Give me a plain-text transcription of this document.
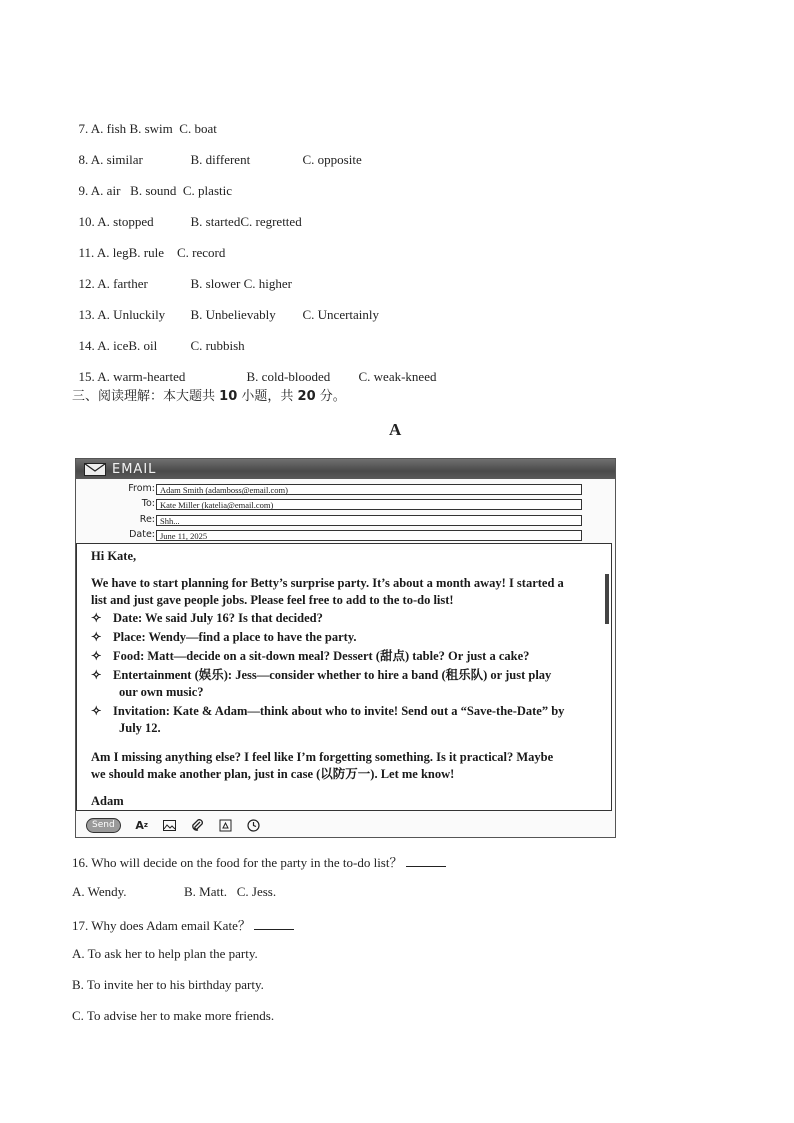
7. A. fish B. swim C. boat

8. A. similar	B. different	C. opposite

9. A. air B. sound C. plastic

10. A. stopped	B. startedC. regretted

11. A. legB. rule C. record

12. A. farther	B. slower C. higher

13. A. Unluckily B. Unbelievably C. Uncertainly

14. A. iceB. oil	C. rubbish

15. A. warm-hearted	B. cold-blooded C. weak-kneed

三、阅读理解：本大题共 10 小题，共 20 分。
A
EMAIL
From: Adam Smith (adamboss@email.com)
To: Kate Miller (katelia@email.com)
Re: Shh...
Date: June 11, 2025
Hi Kate,
We have to start planning for Betty’s surprise party. It’s about a month away! I started a
list and just gave people jobs. Please feel free to add to the to-do list!
✧ Date: We said July 16? Is that decided?
✧ Place: Wendy—find a place to have the party.
✧ Food: Matt—decide on a sit-down meal? Dessert (甜点) table? Or just a cake?
✧ Entertainment (娱乐): Jess—consider whether to hire a band (租乐队) or just play
our own music?
✧ Invitation: Kate & Adam—think about who to invite! Send out a “Save-the-Date” by
July 12.
Am I missing anything else? I feel like I’m forgetting something. Is it practical? Maybe
we should make another plan, just in case (以防万一). Let me know!
Adam
Send	A z
16. Who will decide on the food for the party in the to-do list？
A. Wendy.	B. Matt. C. Jess.
17. Why does Adam email Kate？
A. To ask her to help plan the party.
B. To invite her to his birthday party.
C. To advise her to make more friends.
